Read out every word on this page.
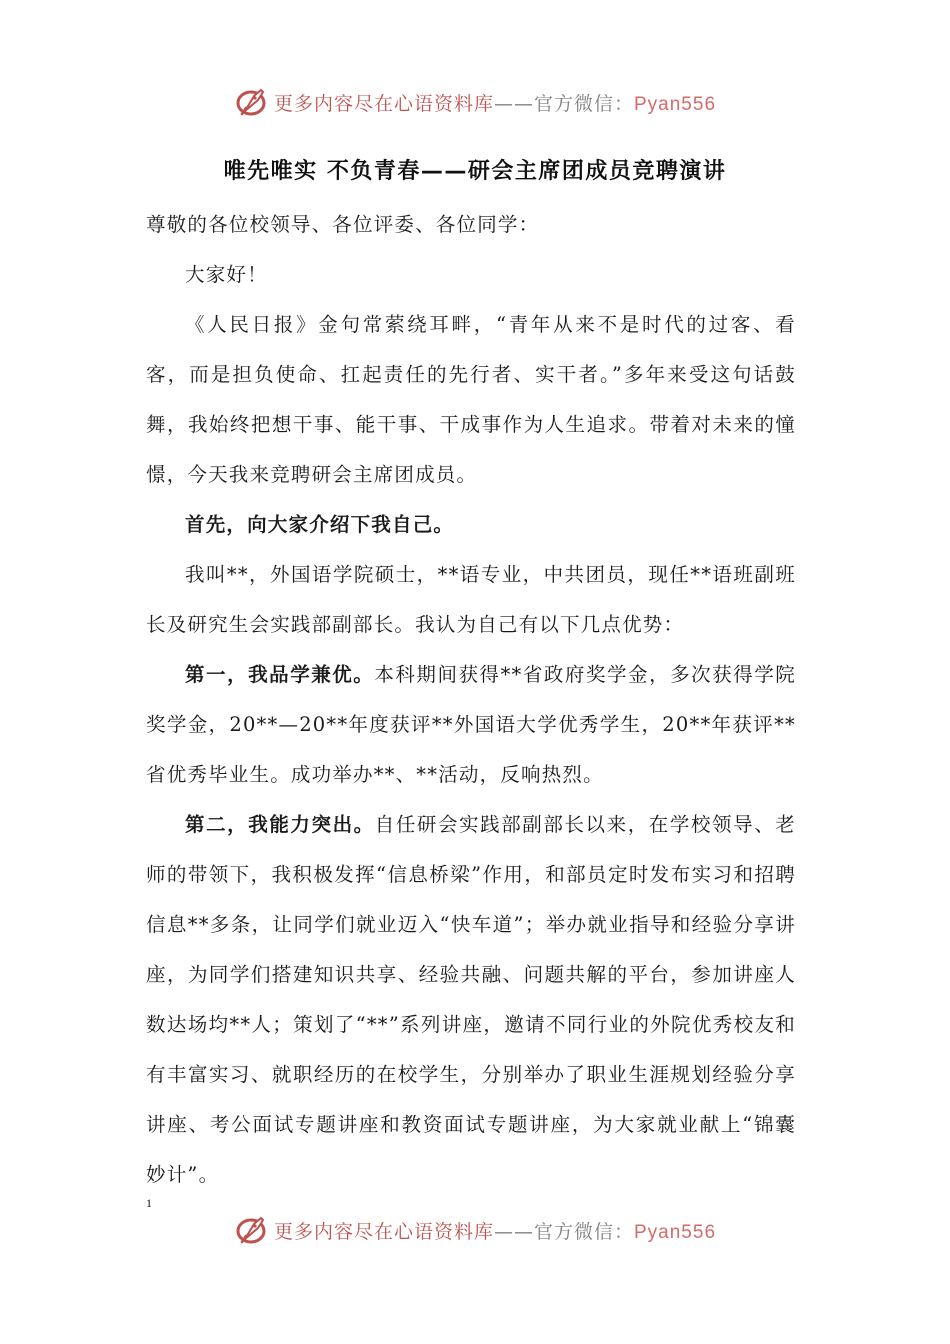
更多内容尽在心语资料库——官方微信：Pyan556
唯先唯实 不负青春——研会主席团成员竞聘演讲

尊敬的各位校领导、各位评委、各位同学：

大家好！

《人民日报》金句常萦绕耳畔，“青年从来不是时代的过客、看客，而是担负使命、扛起责任的先行者、实干者。”多年来受这句话鼓舞，我始终把想干事、能干事、干成事作为人生追求。带着对未来的憧憬，今天我来竞聘研会主席团成员。

首先，向大家介绍下我自己。

我叫**，外国语学院硕士，**语专业，中共团员，现任**语班副班长及研究生会实践部副部长。我认为自己有以下几点优势：

第一，我品学兼优。本科期间获得**省政府奖学金，多次获得学院奖学金，20**—20**年度获评**外国语大学优秀学生，20**年获评**省优秀毕业生。成功举办**、**活动，反响热烈。

第二，我能力突出。自任研会实践部副部长以来，在学校领导、老师的带领下，我积极发挥“信息桥梁”作用，和部员定时发布实习和招聘信息**多条，让同学们就业迈入“快车道”；举办就业指导和经验分享讲座，为同学们搭建知识共享、经验共融、问题共解的平台，参加讲座人数达场均**人；策划了“**”系列讲座，邀请不同行业的外院优秀校友和有丰富实习、就职经历的在校学生，分别举办了职业生涯规划经验分享讲座、考公面试专题讲座和教资面试专题讲座，为大家就业献上“锦囊妙计”。

1
更多内容尽在心语资料库——官方微信：Pyan556
